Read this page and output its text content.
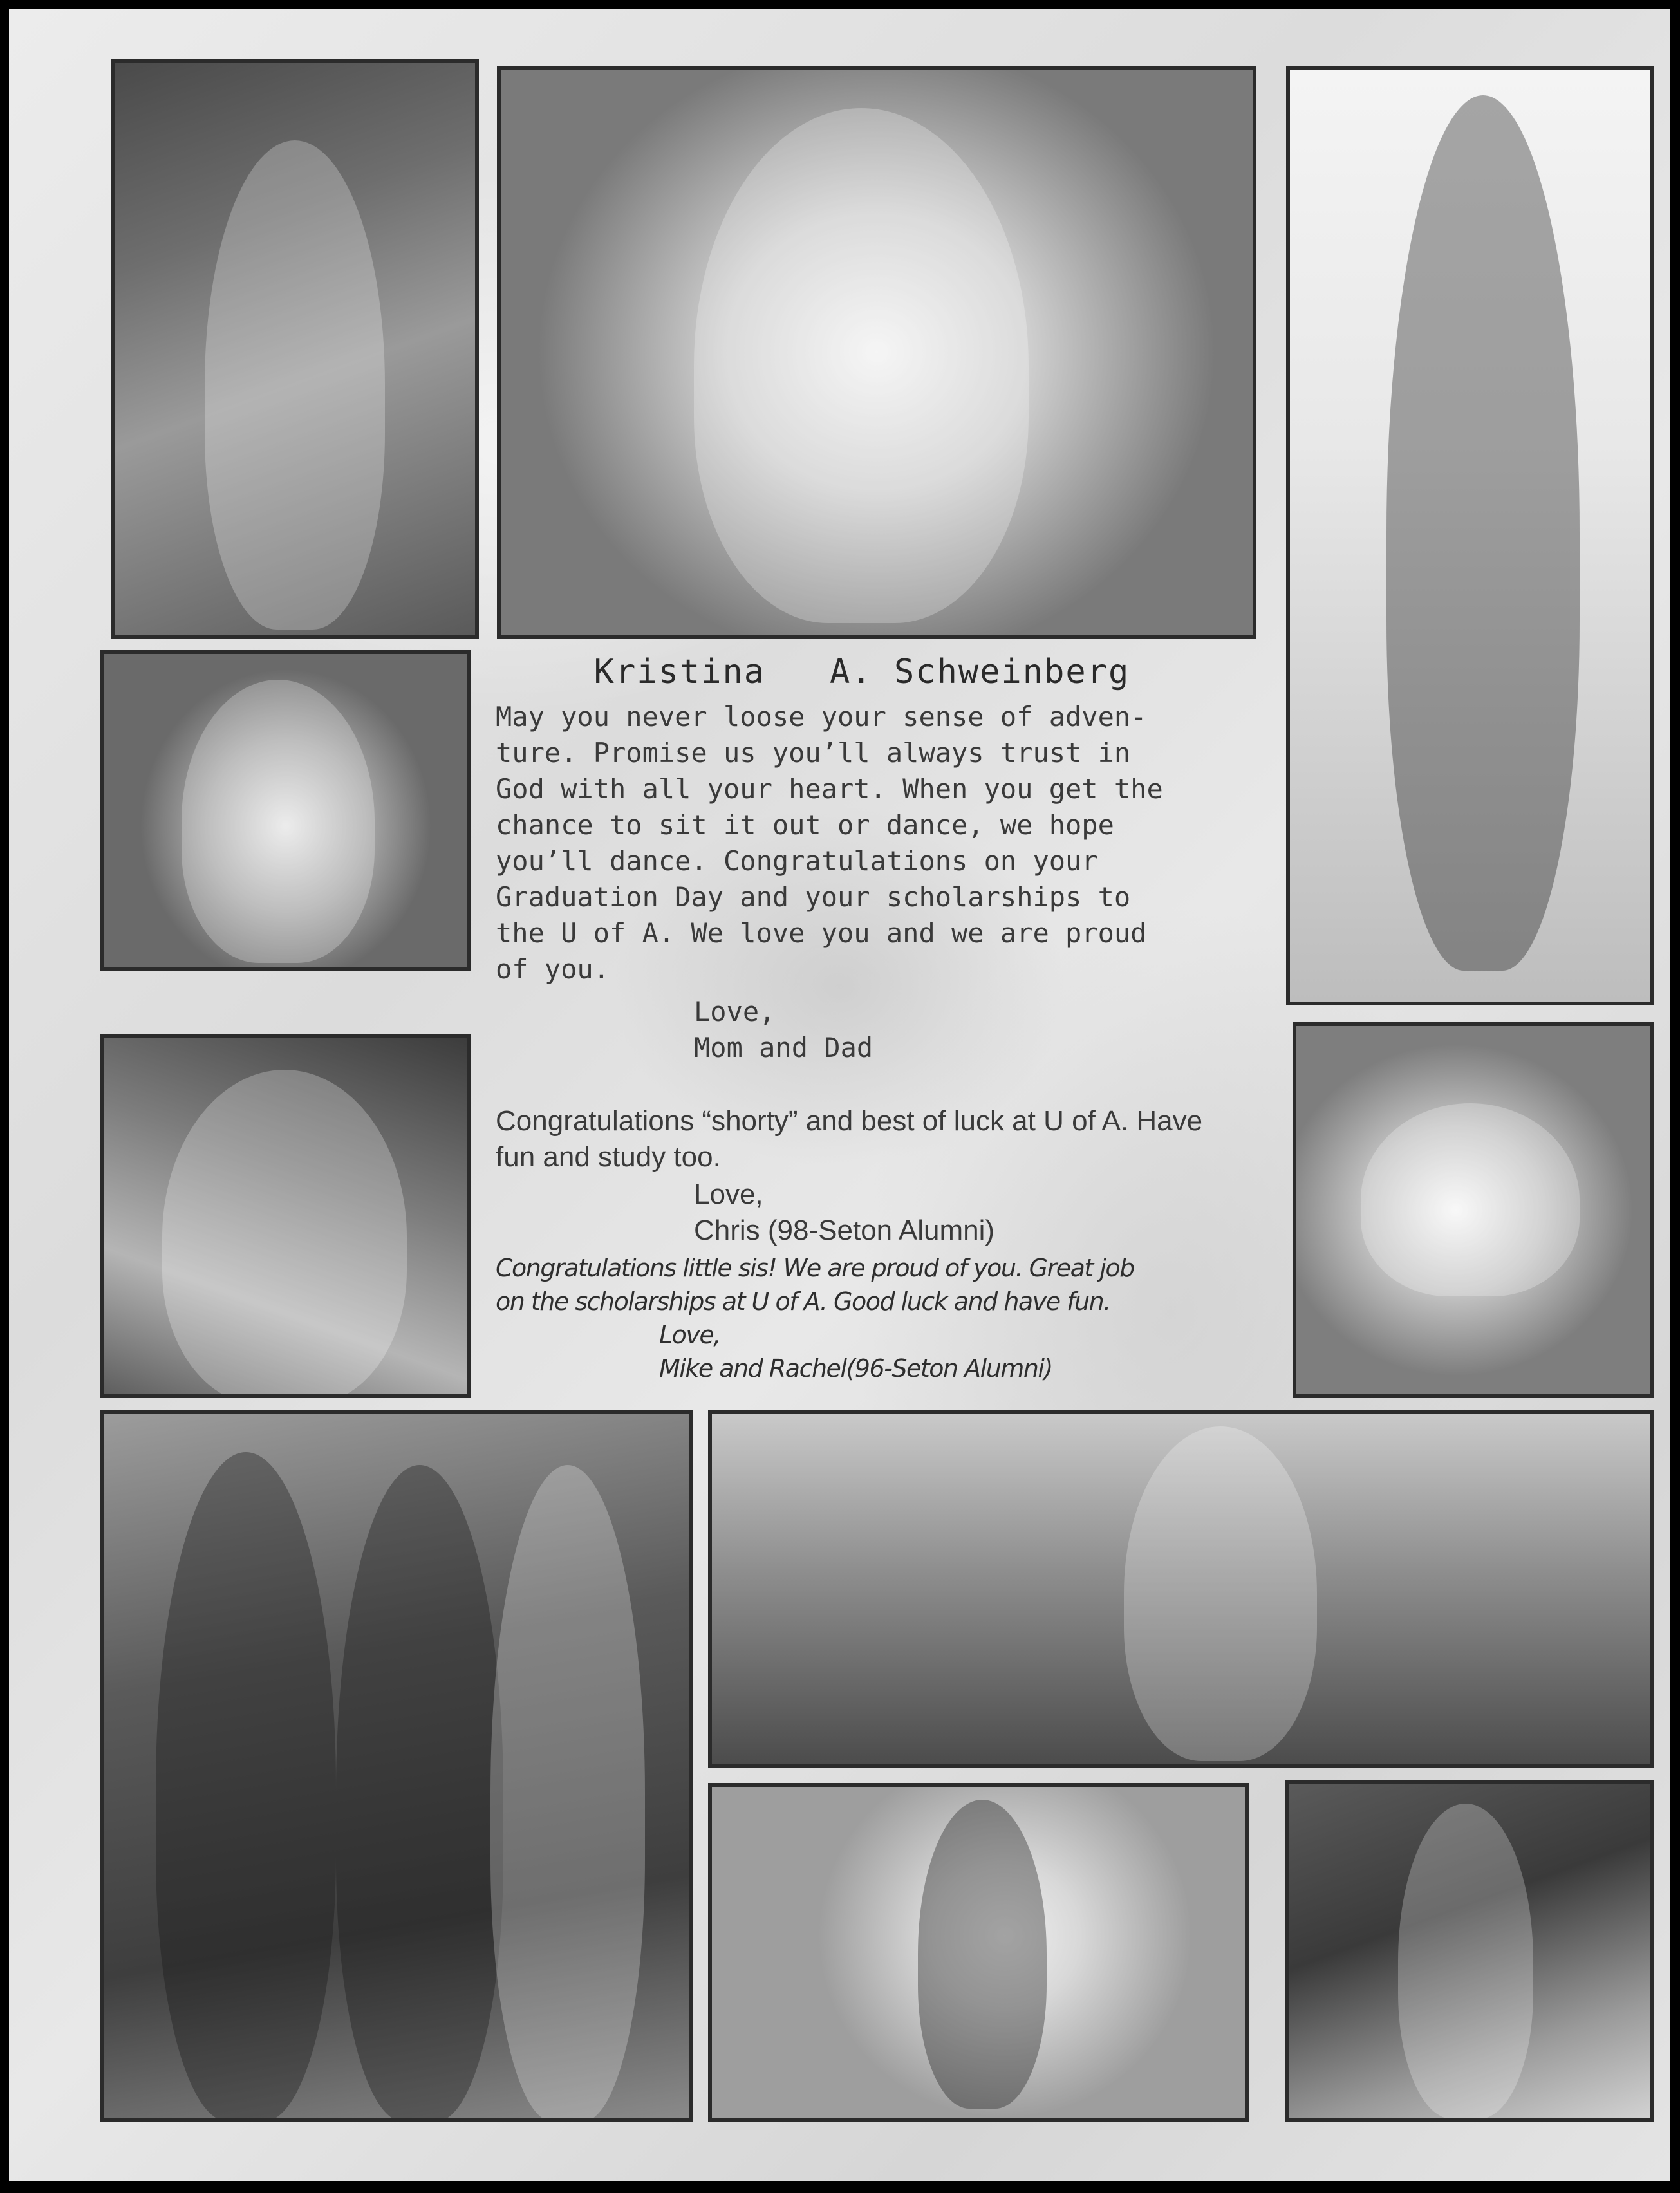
Kristina   A. Schweinberg
May you never loose your sense of adven-
ture. Promise us you’ll always trust in
God with all your heart. When you get the
chance to sit it out or dance, we hope
you’ll dance. Congratulations on your
Graduation Day and your scholarships to
the U of A. We love you and we are proud
of you.
Love,
Mom and Dad
Congratulations “shorty” and best of luck at U of A. Have
fun and study too.
Love,
Chris (98-Seton Alumni)
Congratulations little sis! We are proud of you. Great job
on the scholarships at U of A. Good luck and have fun.
Love,
Mike and Rachel(96-Seton Alumni)
